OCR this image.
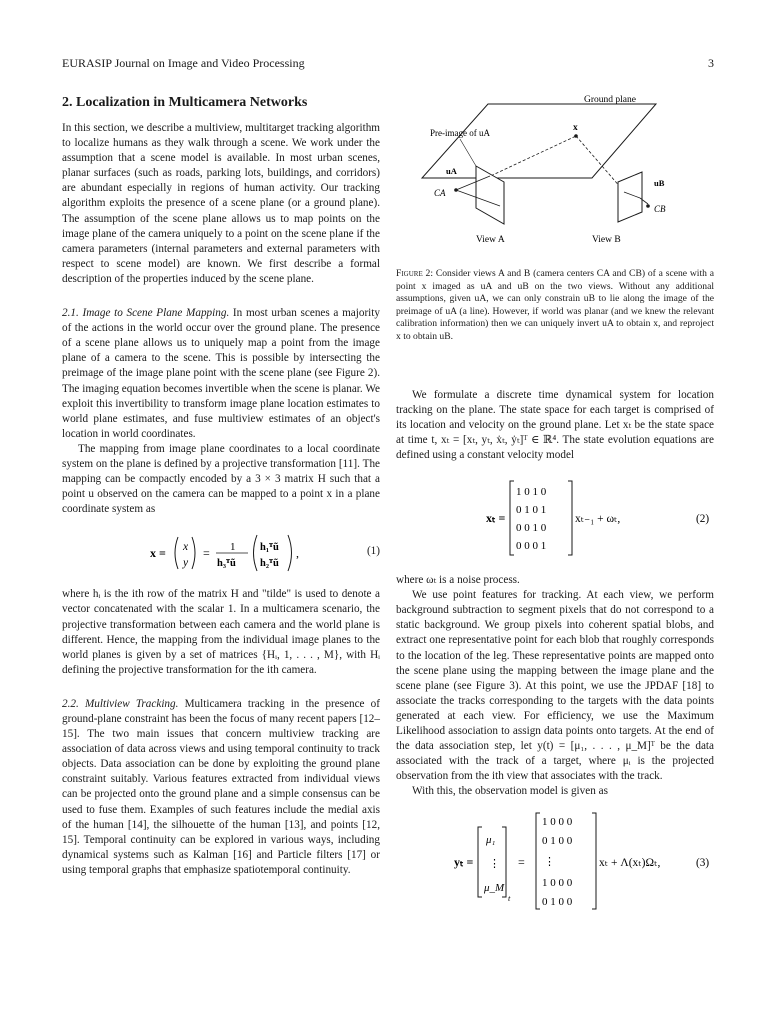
EURASIP Journal on Image and Video Processing	3
2. Localization in Multicamera Networks

In this section, we describe a multiview, multitarget tracking algorithm to localize humans as they walk through a scene. We work under the assumption that a scene model is available. In most urban scenes, planar surfaces (such as roads, parking lots, buildings, and corridors) are abundant especially in regions of human activity. Our tracking algorithm exploits the presence of a scene plane (or a ground plane). The assumption of the scene plane allows us to map points on the image plane of the camera uniquely to a point on the scene plane if the camera parameters (internal parameters and external parameters with respect to scene model) are known. We first describe a formal description of the properties induced by the scene plane.

2.1. Image to Scene Plane Mapping. In most urban scenes a majority of the actions in the world occur over the ground plane. The presence of a scene plane allows us to uniquely map a point from the image plane of a camera to the scene. This is possible by intersecting the preimage of the image plane point with the scene plane (see Figure 2). The imaging equation becomes invertible when the scene is planar. We exploit this invertibility to transform image plane location estimates to world plane estimates, and fuse multiview estimates of an object's location in world coordinates.

The mapping from image plane coordinates to a local coordinate system on the plane is defined by a projective transformation [11]. The mapping can be compactly encoded by a 3 × 3 matrix H such that a point u observed on the camera can be mapped to a point x in a plane coordinate system as

x = x
y
= 1
h₃ᵀũ
h₁ᵀũ
h₂ᵀũ
,	(1)

where hᵢ is the ith row of the matrix H and "tilde" is used to denote a vector concatenated with the scalar 1. In a multicamera scenario, the projective transformation between each camera and the world plane is different. Hence, the mapping from the individual image planes to the world planes is given by a set of matrices {Hᵢ, 1, . . . , M}, with Hᵢ defining the projective transformation for the ith camera.

2.2. Multiview Tracking. Multicamera tracking in the presence of ground-plane constraint has been the focus of many recent papers [12–15]. The two main issues that concern multiview tracking are association of data across views and using temporal continuity to track objects. Data association can be done by exploiting the ground plane constraint suitably. Various features extracted from individual views can be projected onto the ground plane and a simple consensus can be used to fuse them. Examples of such features include the medial axis of the human [14], the silhouette of the human [13], and points [12, 15]. Temporal continuity can be explored in various ways, including dynamical systems such as Kalman [16] and Particle filters [17] or using temporal graphs that emphasize spatiotemporal continuity.

Ground plane
x
Pre-image of uA
CA
uA
CB
uB
View A	View B

Figure 2: Consider views A and B (camera centers CA and CB) of a scene with a point x imaged as uA and uB on the two views. Without any additional assumptions, given uA, we can only constrain uB to lie along the image of the preimage of uA (a line). However, if world was planar (and we knew the relevant calibration information) then we can uniquely invert uA to obtain x, and reproject x to obtain uB.

We formulate a discrete time dynamical system for location tracking on the plane. The state space for each target is comprised of its location and velocity on the ground plane. Let xₜ be the state space at time t, xₜ = [xₜ, yₜ, ẋₜ, ẏₜ]ᵀ ∈ ℝ⁴. The state evolution equations are defined using a constant velocity model

xₜ =
1 0 1 0
0 1 0 1
0 0 1 0
0 0 0 1
xₜ₋₁ + ωₜ,	(2)

where ωₜ is a noise process.

We use point features for tracking. At each view, we perform background subtraction to segment pixels that do not correspond to a static background. We group pixels into coherent spatial blobs, and extract one representative point for each blob that roughly corresponds to the location of the leg. These representative points are mapped onto the scene plane using the mapping between the image plane and the scene plane (see Figure 3). At this point, we use the JPDAF [18] to associate the tracks corresponding to the targets with the data points generated at each view. For efficiency, we use the Maximum Likelihood association to assign data points onto targets. At the end of the data association step, let y(t) = [μ₁, . . . , μ_M]ᵀ be the data associated with the track of a target, where μᵢ is the projected observation from the ith view that associates with the track.

With this, the observation model is given as

yₜ =
μ₁
⋮
μ_M
t
=
1 0 0 0
0 1 0 0
⋮
1 0 0 0
0 1 0 0
xₜ + Λ(xₜ)Ωₜ,	(3)
